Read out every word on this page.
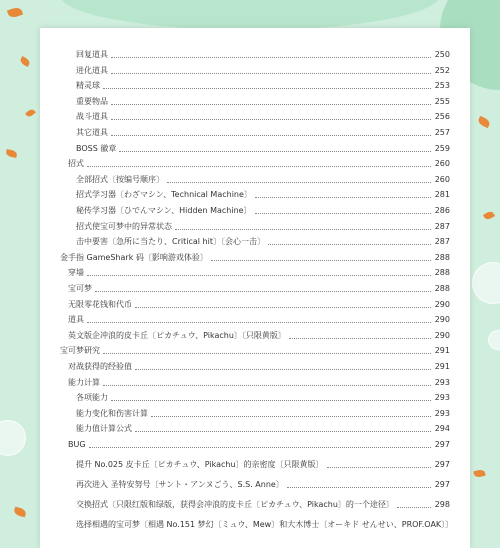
回复道具	250
进化道具	252
精灵球	253
重要物品	255
战斗道具	256
其它道具	257
BOSS 徽章	259
招式	260
全部招式〔按编号顺序〕	260
招式学习器〔わざマシン、Technical Machine〕	281
秘传学习器〔ひでんマシン、Hidden Machine〕	286
招式使宝可梦中的异常状态	287
击中要害〔急所に当たり、Critical hit〕〔会心一击〕	287
金手指 GameShark 码〔影响游戏体验〕	288
穿墙	288
宝可梦	288
无限零花钱和代币	290
道具	290
英文版企冲浪的皮卡丘〔ピカチュウ、Pikachu〕〔只限黄版〕	290
宝可梦研究	291
对战获得的经验值	291
能力计算	293
各项能力	293
能力变化和伤害计算	293
能力值计算公式	294
BUG	297
提升 No.025 皮卡丘〔ピカチュウ、Pikachu〕的亲密度〔只限黄版〕	297
再次进入 圣特安努号〔サント・アンヌごう、S.S. Anne〕	297
交换招式〔只限红版和绿版，获得会冲浪的皮卡丘〔ピカチュウ、Pikachu〕的一个途径〕	298
选择相遇的宝可梦〔相遇 No.151 梦幻〔ミュウ、Mew〕和大木博士〔オーキド せんせい、PROF.OAK〕〕
